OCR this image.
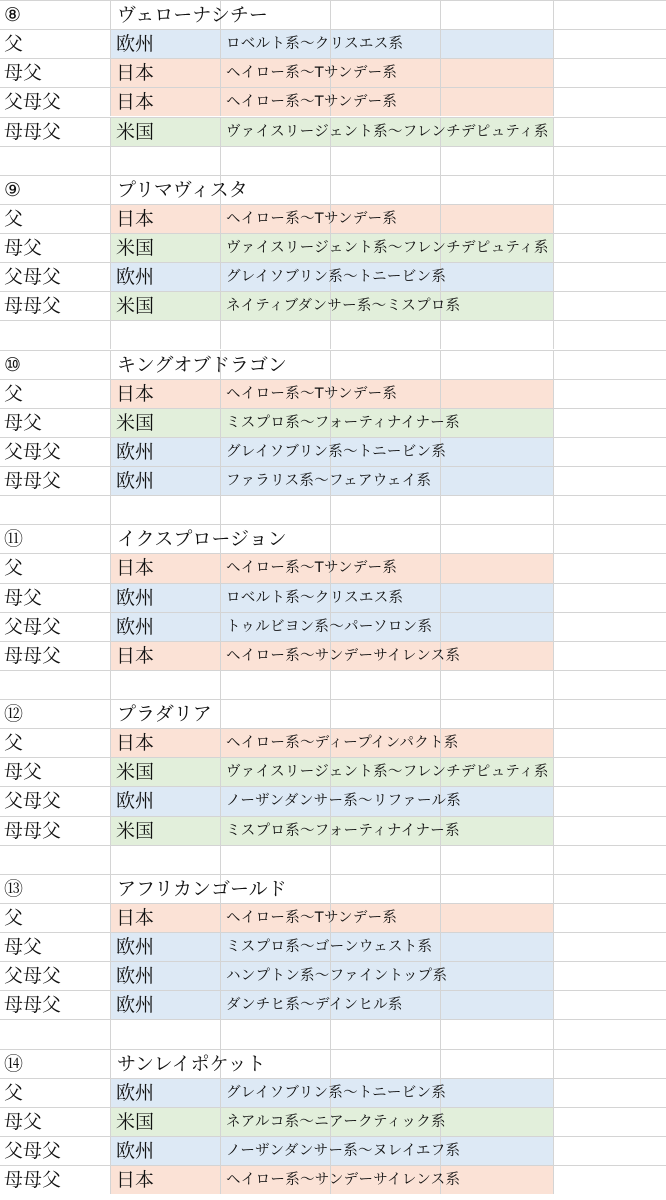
⑧	ヴェローナシチー
父	欧州	ロベルト系〜クリスエス系
母父	日本	ヘイロー系〜Tサンデー系
父母父	日本	ヘイロー系〜Tサンデー系
母母父	米国	ヴァイスリージェント系〜フレンチデピュティ系
⑨	プリマヴィスタ
父	日本	ヘイロー系〜Tサンデー系
母父	米国	ヴァイスリージェント系〜フレンチデピュティ系
父母父	欧州	グレイソブリン系〜トニービン系
母母父	米国	ネイティブダンサー系〜ミスプロ系
⑩	キングオブドラゴン
父	日本	ヘイロー系〜Tサンデー系
母父	米国	ミスプロ系〜フォーティナイナー系
父母父	欧州	グレイソブリン系〜トニービン系
母母父	欧州	ファラリス系〜フェアウェイ系
⑪	イクスプロージョン
父	日本	ヘイロー系〜Tサンデー系
母父	欧州	ロベルト系〜クリスエス系
父母父	欧州	トゥルビヨン系〜パーソロン系
母母父	日本	ヘイロー系〜サンデーサイレンス系
⑫	プラダリア
父	日本	ヘイロー系〜ディープインパクト系
母父	米国	ヴァイスリージェント系〜フレンチデピュティ系
父母父	欧州	ノーザンダンサー系〜リファール系
母母父	米国	ミスプロ系〜フォーティナイナー系
⑬	アフリカンゴールド
父	日本	ヘイロー系〜Tサンデー系
母父	欧州	ミスプロ系〜ゴーンウェスト系
父母父	欧州	ハンプトン系〜ファイントップ系
母母父	欧州	ダンチヒ系〜デインヒル系
⑭	サンレイポケット
父	欧州	グレイソブリン系〜トニービン系
母父	米国	ネアルコ系〜ニアークティック系
父母父	欧州	ノーザンダンサー系〜ヌレイエフ系
母母父	日本	ヘイロー系〜サンデーサイレンス系
